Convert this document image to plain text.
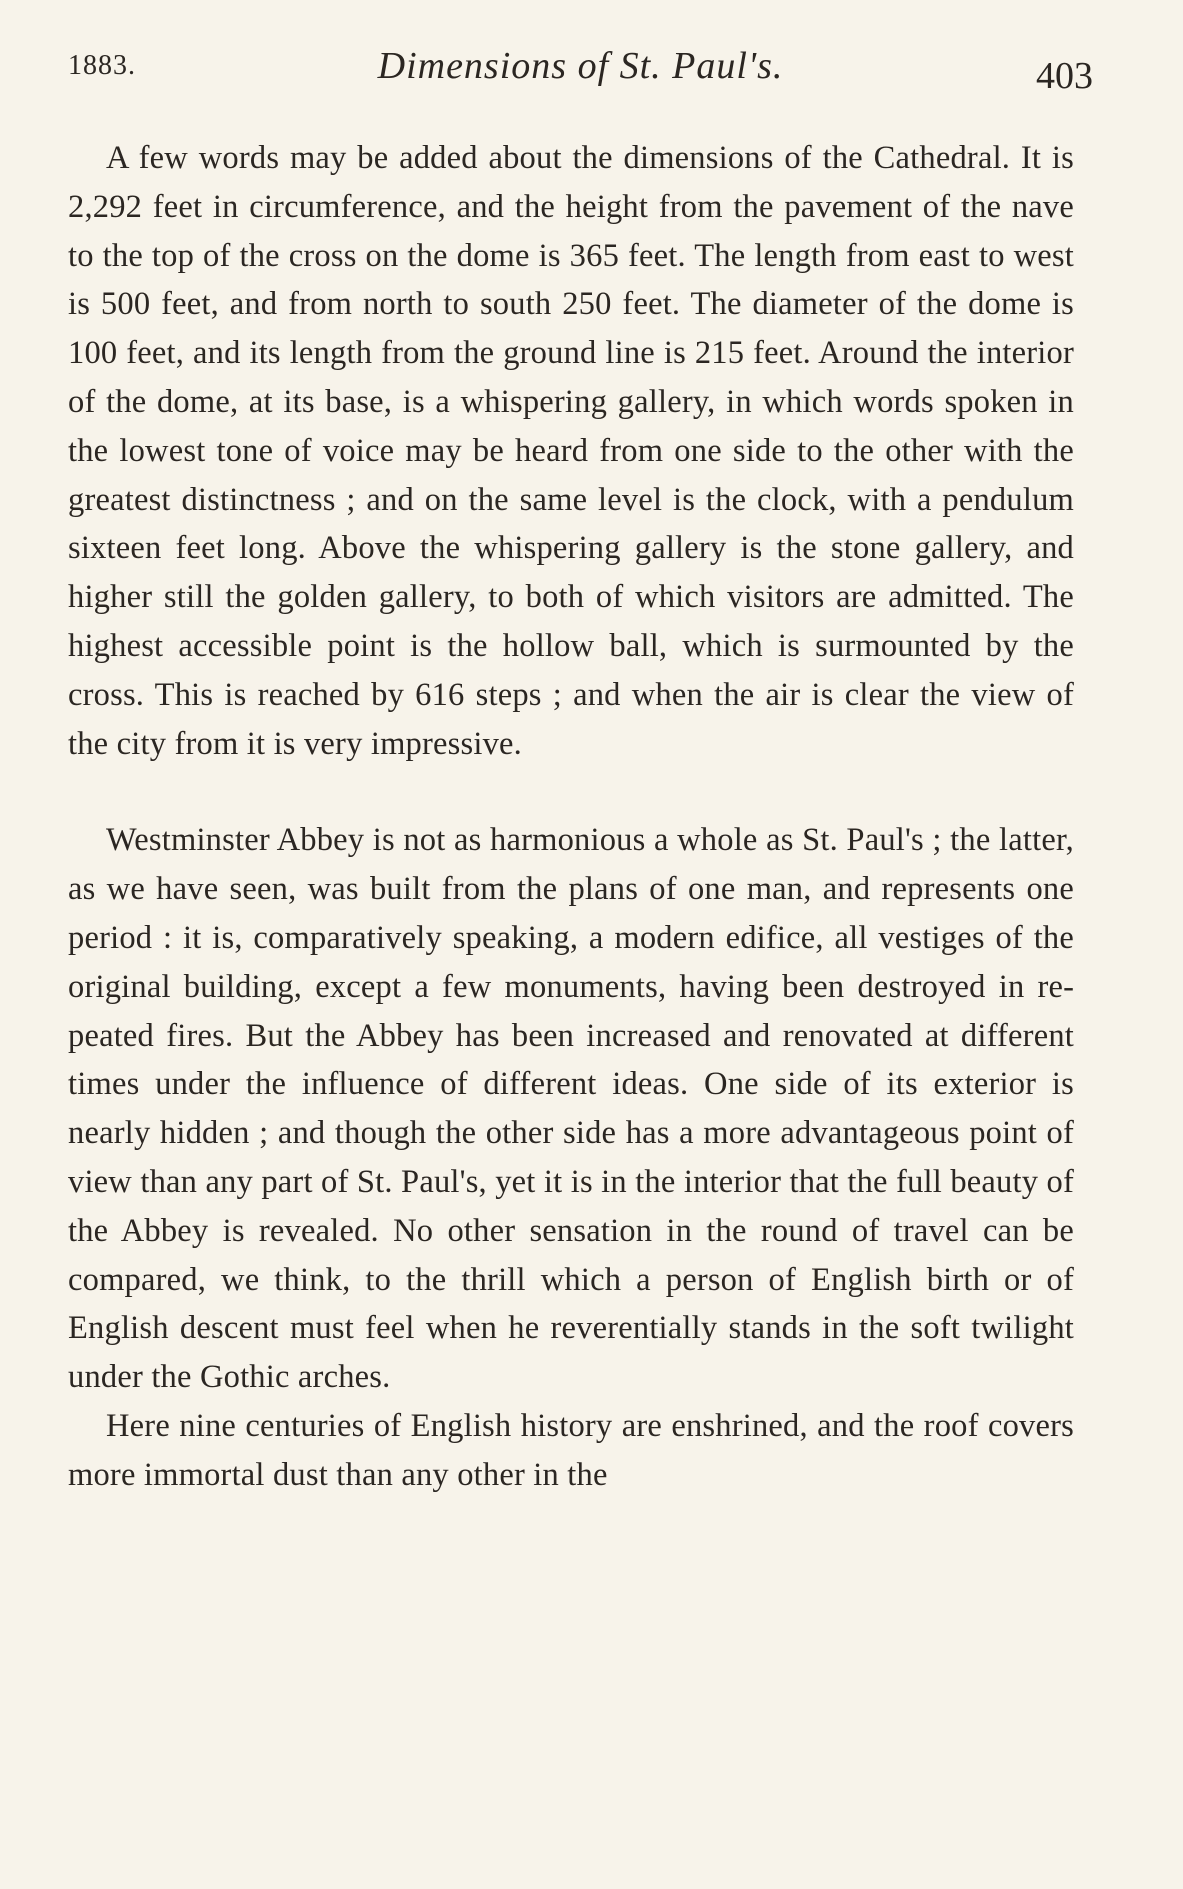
1883.	Dimensions of St. Paul's.	403

A few words may be added about the dimensions of the Cathedral. It is 2,292 feet in circumference, and the height from the pavement of the nave to the top of the cross on the dome is 365 feet. The length from east to west is 500 feet, and from north to south 250 feet. The diameter of the dome is 100 feet, and its length from the ground line is 215 feet. Around the interior of the dome, at its base, is a whispering gallery, in which words spoken in the lowest tone of voice may be heard from one side to the other with the greatest distinctness ; and on the same level is the clock, with a pendulum sixteen feet long. Above the whispering gallery is the stone gallery, and higher still the golden gallery, to both of which visitors are admitted. The highest accessible point is the hollow ball, which is surmounted by the cross. This is reached by 616 steps ; and when the air is clear the view of the city from it is very impressive.

Westminster Abbey is not as harmonious a whole as St. Paul's ; the latter, as we have seen, was built from the plans of one man, and represents one period : it is, comparatively speaking, a modern edifice, all vestiges of the original building, except a few monuments, having been destroyed in repeated fires. But the Abbey has been increased and renovated at different times under the influence of different ideas. One side of its exterior is nearly hidden ; and though the other side has a more advantageous point of view than any part of St. Paul's, yet it is in the interior that the full beauty of the Abbey is revealed. No other sensation in the round of travel can be compared, we think, to the thrill which a person of English birth or of English descent must feel when he reverentially stands in the soft twilight under the Gothic arches.

Here nine centuries of English history are enshrined, and the roof covers more immortal dust than any other in the
